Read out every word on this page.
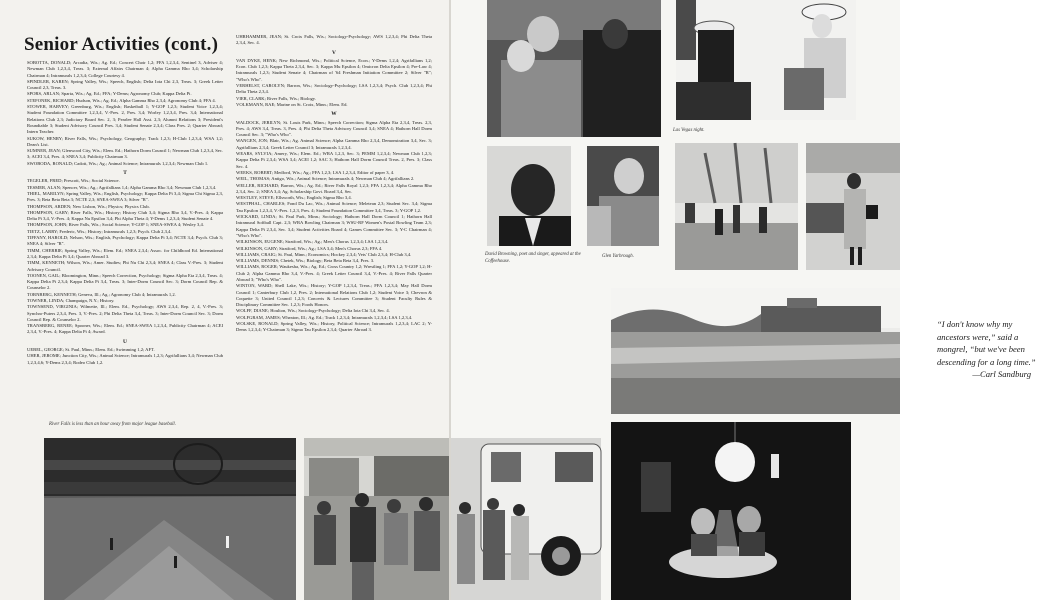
Senior Activities (cont.)

SOBOTTA, DONALD; Arcadia, Wis.; Ag. Ed.; Concert Choir 1,2; FFA 1,2,3,4, Sentinel 3, Adviser 4; Newman Club 1,2,3,4, Treas. 3; External Affairs Chairman 4; Alpha Gamma Rho 3,4; Scholarship Chairman 4; Intramurals 1,2,3,4; College Courtesy 4.

SPINDLER, KAREN; Spring Valley, Wis.; Speech, English; Delta Iota Chi 2,3, Treas. 3; Greek Letter Council 2,3, Treas. 3.

SPORS, ARLAN; Sparta, Wis.; Ag. Ed.; FFA; Y-Dems; Agronomy Club; Kappa Delta Pi.

STEFONEK, RICHARD; Hudson, Wis.; Ag. Ed.; Alpha Gamma Rho 2,3,4; Agronomy Club 4; FFA 4.

STOWER, HARVEY; Greenburg, Wis.; English; Basketball 1; Y-GOP 1,2,3; Student Voice 1,2,3,4; Student Foundation Committee 1,2,3,4, V.-Pres. 2, Pres. 3,4; Worley 1,2,3,4, Pres. 3,4; International Relations Club 2,3; Judiciary Board Sec. 2, 3; Pearlee Hall Asst. 2,3; Alumni Relations 3; President's Roundtable 3; Student Advisory Council Pres. 3,4; Student Senate 2,3,4; Class Pres. 2; Quarter Abroad; Intern Teacher.

SUKOW, HENRY; River Falls, Wis.; Psychology, Geography; Track 1,2,3; H-Club 1,2,3,4; WSA 1,2; Dean's List.

SUMNER, JEAN; Glenwood City, Wis.; Elem. Ed.; Hathorn Dorm Council 1; Newman Club 1,2,3,4, Sec. 3; ACEI 3,4, Pres. 4; SNEA 3,4; Publicity Chairman 3.

SWOBODA, RONALD; Cadott, Wis.; Ag.; Animal Science; Intramurals 1,2,3,4; Newman Club 1.

T

TEGELER, FRED; Prescott, Wis.; Social Science.

TESMER, ALAN; Spencer, Wis.; Ag.; Agrifallians 1,4; Alpha Gamma Rho 3,4; Newman Club 1,2,3,4.

THIEL, MARILYN; Spring Valley, Wis.; English, Psychology; Kappa Delta Pi 3,4; Sigma Chi Sigma 2,3, Pres. 3; Beta Beta Beta 3; NCTE 2,3; SNEA-SWEA 3; Silver "R".

THOMPSON, ARDEN; New Lisbon, Wis.; Physics; Physics Club.

THOMPSON, GARY; River Falls, Wis.; History; History Club 3,4; Sigma Rho 3,4, V.-Pres. 4; Kappa Delta Pi 3,4, V.-Pres. 4; Kappa Nu Epsilon 3,4; Phi Alpha Theta 4; Y-Dems 1,2,3,4; Student Senate 4.

THOMPSON, JOHN; River Falls, Wis.; Social Science; Y-GOP 1; SNEA-SWEA 4; Wesley 3,4.

TIETZ, LARRY; Frederic, Wis.; History; Intramurals 1,2,3; Psych. Club 2,3,4.

TIFFANY, HAROLD; Nelson, Wis.; English, Psychology; Kappa Delta Pi 3,4; NCTE 3,4; Psych. Club 3; SNEA 4; Silver "R".

TIMM, CHERRIE; Spring Valley, Wis.; Elem. Ed.; SNEA 2,3,4; Assoc. for Childhood Ed. International 2,3,4; Kappa Delta Pi 3,4; Quarter Abroad 3.

TIMM, KENNETH; Wilson, Wis.; Amer. Studies; Phi Nu Chi 2,3,4; SNEA 4; Class V.-Pres. 3; Student Advisory Council.

TOONEN, GAIL; Bloomington, Minn.; Speech Correction, Psychology; Sigma Alpha Eta 2,3,4, Treas. 4; Kappa Delta Pi 2,3,4; Kappa Delta Pi 3,4, Treas. 3; Inter-Dorm Council Sec. 3; Dorm Council Rep. & Counselor 2.

TORNBERG, KENNETH; Geneva, Ill.; Ag.; Agronomy Club 4; Intramurals 1,2.

TOWNER, LINDA; Champaign, N.Y.; History.

TOWNSEND, VIRGINIA; Wilmette, Ill.; Elem. Ed., Psychology; AWS 2,3,4, Rep. 2, 4, V.-Pres. 3; Synchro-Puters 2,3,4, Pres. 3, V.-Pres. 2; Phi Delta Theta 3,4, Treas. 3; Inter-Dorm Council Sec. 3; Dorm Council Rep. & Counselor 2.

TRANSBERG, RENEE; Spooner, Wis.; Elem. Ed.; SNEA-SWEA 1,2,3,4, Publicity Chairman 4; ACEI 2,3,4, V.-Pres. 4; Kappa Delta Pi 4; Award.

U

UEBEL, GEORGE; St. Paul, Minn.; Elem. Ed.; Swimming 1,2; AFT.

UHER, JEROME; Junction City, Wis.; Animal Science; Intramurals 1,2,3; Agrifallians 3,4; Newman Club 1,2,3,4,6; Y-Dems 2,3,4; Rodeo Club 1,2.

UHRHAMMER, JEAN; St. Croix Falls, Wis.; Sociology-Psychology; AWS 1,2,3,4; Phi Delta Theta 2,3,4, Sec. 4.

V

VAN DYKE, HENK; New Richmond, Wis.; Political Science, Econ.; Y-Dems 1,2,4; Agrifallians 1,2; Econ. Club 1,2,3; Kappa Theta 2,3,4, Sec. 3; Kappa Mu Epsilon 4; Omicron Delta Epsilon 4; Pre-Law 4; Intramurals 1,2,3; Student Senate 4; Chairman of '64 Freshman Initiation Committee 2; Silver "R"; "Who's Who".

VERHELST, CAROLYN; Barron, Wis.; Sociology-Psychology; LSA 1,2,3,4; Psych. Club 1,2,3,4; Phi Delta Theta 2,3,4.

VIER, CLARK; River Falls, Wis.; Biology.

VOLKMANN, RAE; Marine on St. Croix, Minn.; Elem. Ed.

W

WALDOCK, JERILYN; St. Louis Park, Minn.; Speech Correction; Sigma Alpha Eta 2,3,4, Treas. 2,3, Pres. 4; AWS 3,4, Treas. 3, Pres. 4; Phi Delta Theta Advisory Council 3,4; SNEA 4; Hathorn Hall Dorm Council Sec. 3; "Who's Who".

WANGEN, JON; Blair, Wis.; Ag. Animal Science; Alpha Gamma Rho 2,3,4, Demonstration 3,4, Sec. 3; Agrifallians 2,3,4; Greek Letter Council 3; Intramurals 1,2,3,4.

WEARS, SYLVIA; Amery, Wis.; Elem. Ed.; WRA 1,2,3, Sec. 3; PEMM 1,2,3,4; Newman Club 1,2,3; Kappa Delta Pi 2,3,4; WSA 3,4; ACEI 1,2; SAC 3; Hathorn Hall Dorm Council Treas. 2, Pres. 3; Class Sec. 4.

WEEKS, ROBERT; Medford, Wis.; Ag.; FFA 1,2,3; LSA 1,2,3,4, Editor of paper 3, 4.

WEIL, THOMAS; Antigo, Wis.; Animal Science; Intramurals 4; Newman Club 4; Agrifallians 2.

WELLER, RICHARD; Barron, Wis.; Ag. Ed.; River Falls Royal 1,2,3; FFA 1,2,3,4; Alpha Gamma Rho 2,3,4, Sec. 2; SNEA 3,4; Ag. Scholarship Govt. Board 3,4, Sec.

WESTLEY, STEVE; Ellsworth, Wis.; English; Sigma Rho 3,4.

WESTPHAL, CHARLES; Fond Du Lac, Wis.; Animal Science; Meletean 2,3; Student Sec. 3,4; Sigma Tau Epsilon 1,2,3,4, V.-Pres. 1,2,3, Pres. 4; Student Foundation Committee 3,4, Treas. 3; Y-GOP 1,2.

WICKARD, LINDA; St. Paul Park, Minn.; Sociology; Hathorn Hall Dorm Council 1; Hathorn Hall Intramural Softball Capt. 2,3; WRA Bowling Chairman 3; WSU-RF Women's Postal Bowling Team 2,3; Kappa Delta Pi 2,3,4, Sec. 3,4; Student Activities Board 4; Games Committee Sec. 3; Y-C Chairman 4; "Who's Who".

WILKINSON, EUGENE; Stratford, Wis.; Ag.; Men's Chorus 1,2,3,4; LSA 1,2,3,4.

WILKINSON, GARY; Stratford, Wis.; Ag.; LSA 3,4; Men's Chorus 2,3; FFA 4.

WILLIAMS, CRAIG; St. Paul, Minn.; Economics; Hockey 2,3,4; Vets' Club 2,3,4; H-Club 3,4.

WILLIAMS, DENNIS; Chetek, Wis.; Biology; Beta Beta Beta 3,4, Pres. 3.

WILLIAMS, ROGER; Waukesha, Wis.; Ag. Ed.; Cross Country 1,2; Wrestling 1; FFA 1,2; Y-GOP 1,2; H-Club 2; Alpha Gamma Rho 3,4, V.-Pres. 4; Greek Letter Council 3,4, V.-Pres. 4; River Falls Quarter Abroad 3; "Who's Who".

WINTON, WARD; Shell Lake, Wis.; History; Y-GOP 1,2,3,4, Treas.; FFA 1,2,3,4; May Hall Dorm Council 1; Canterbury Club 1,2, Pres. 2; International Relations Club 1,2; Student Voice 3; Chevron & Coquette 3; United Council 1,2,3; Concerts & Lectures Committee 3; Student Faculty Rules & Disciplinary Committee Sec. 1,2,3; Foods Honors.

WOLFF, DIANE; Houlton, Wis.; Sociology-Psychology; Delta Iota Chi 3,4, Sec. 4.

WOLFGRAM, JAMES; Wheaton, Ill.; Ag. Ed.; Track 1,2,3,4; Intramurals 1,2,3,4; LSA 1,2,3,4.

WOLSKE, RONALD; Spring Valley, Wis.; History, Political Science; Intramurals 1,2,3,4; LAC 2; Y-Dems 1,2,3,4; Y-Chairman 3; Sigma Tau Epsilon 2,3,4; Quarter Abroad 3.

River Falls is less than an hour away from major league baseball.
Las Vegas night.
David Browning, poet and singer, appeared at the Coffeehouse.
Glen Yarbrough.
“I don't know why my ancestors were,” said a mongrel, “but we've been descending for a long time.”
—Carl Sandburg
